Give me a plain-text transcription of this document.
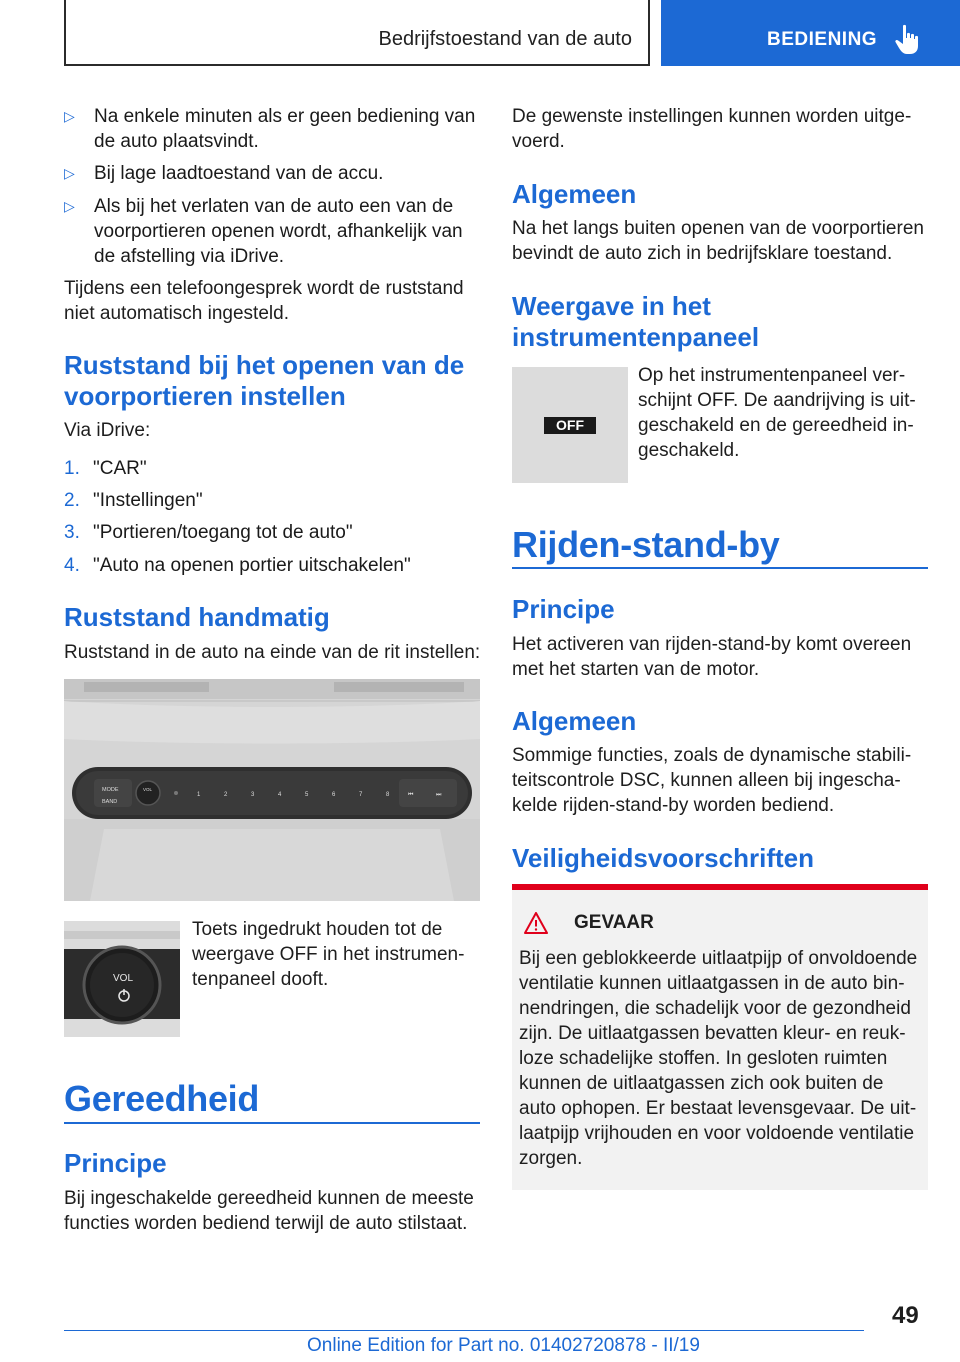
Bedrijfstoestand van de auto	BEDIENING
▷ Na enkele minuten als er geen bediening van de auto plaatsvindt.
▷ Bij lage laadtoestand van de accu.
▷ Als bij het verlaten van de auto een van de voorportieren openen wordt, afhankelijk van de afstelling via iDrive.

Tijdens een telefoongesprek wordt de ruststand niet automatisch ingesteld.

Ruststand bij het openen van de voorportieren instellen

Via iDrive:

1. "CAR"
2. "Instellingen"
3. "Portieren/toegang tot de auto"
4. "Auto na openen portier uitschakelen"
Ruststand handmatig

Ruststand in de auto na einde van de rit instellen:

MODE
BAND
VOL
1	2	3	4	5	6	7	8	⏮	⏭
VOL

Toets ingedrukt houden tot de weergave OFF in het instrumentenpaneel dooft.

Gereedheid
Principe

Bij ingeschakelde gereedheid kunnen de meeste functies worden bediend terwijl de auto stilstaat.

De gewenste instellingen kunnen worden uitgevoerd.

Algemeen

Na het langs buiten openen van de voorportieren bevindt de auto zich in bedrijfsklare toestand.

Weergave in het instrumentenpaneel
OFF

Op het instrumentenpaneel verschijnt OFF. De aandrijving is uitgeschakeld en de gereedheid ingeschakeld.

Rijden-stand-by
Principe

Het activeren van rijden-stand-by komt overeen met het starten van de motor.

Algemeen

Sommige functies, zoals de dynamische stabiliteitscontrole DSC, kunnen alleen bij ingeschakelde rijden-stand-by worden bediend.

Veiligheidsvoorschriften
GEVAAR

Bij een geblokkeerde uitlaatpijp of onvoldoende ventilatie kunnen uitlaatgassen in de auto binnendringen, die schadelijk voor de gezondheid zijn. De uitlaatgassen bevatten kleur- en reukloze schadelijke stoffen. In gesloten ruimten kunnen de uitlaatgassen zich ook buiten de auto ophopen. Er bestaat levensgevaar. De uitlaatpijp vrijhouden en voor voldoende ventilatie zorgen.

49
Online Edition for Part no. 01402720878 - II/19
